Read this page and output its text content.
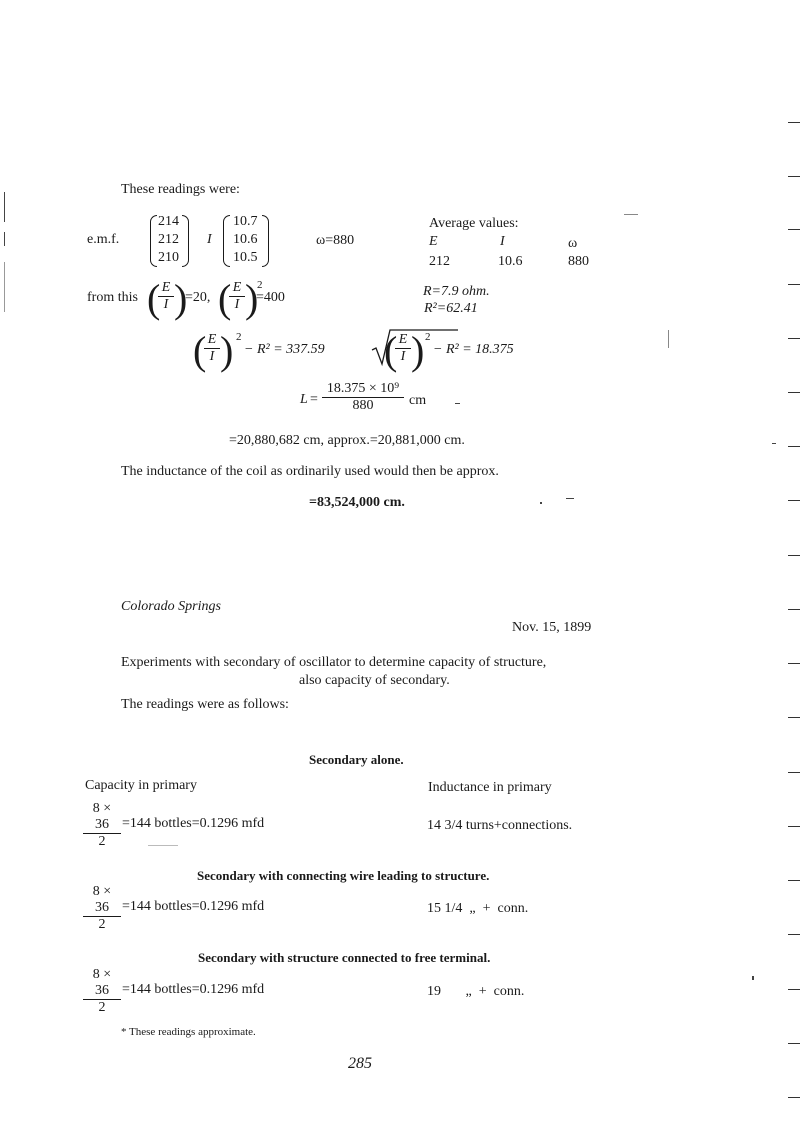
These readings were:
e.m.f.
214
212
210
I
10.7
10.6
10.5
ω=880
Average values:
E	I	ω
212	10.6	880
from this ( E
I )
=20, ( E
I )
2
=400	R=7.9 ohm.
R²=62.41
( E
I ) 2
− R² = 337.59 ( E
I ) 2
− R² = 18.375
L =
18.375 × 10⁹
880	cm
=20,880,682 cm, approx.=20,881,000 cm.
The inductance of the coil as ordinarily used would then be approx.
=83,524,000 cm.
Colorado Springs
Nov. 15, 1899
Experiments with secondary of oscillator to determine capacity of structure,
also capacity of secondary.
The readings were as follows:
Secondary alone.
Capacity in primary	Inductance in primary
8 × 36
2
=144 bottles=0.1296 mfd	14 3/4 turns+connections.
Secondary with connecting wire leading to structure.
8 × 36
2
=144 bottles=0.1296 mfd	15 1/4  „  +  conn.
Secondary with structure connected to free terminal.
8 × 36
2
=144 bottles=0.1296 mfd	19       „  +  conn.
* These readings approximate.
285
